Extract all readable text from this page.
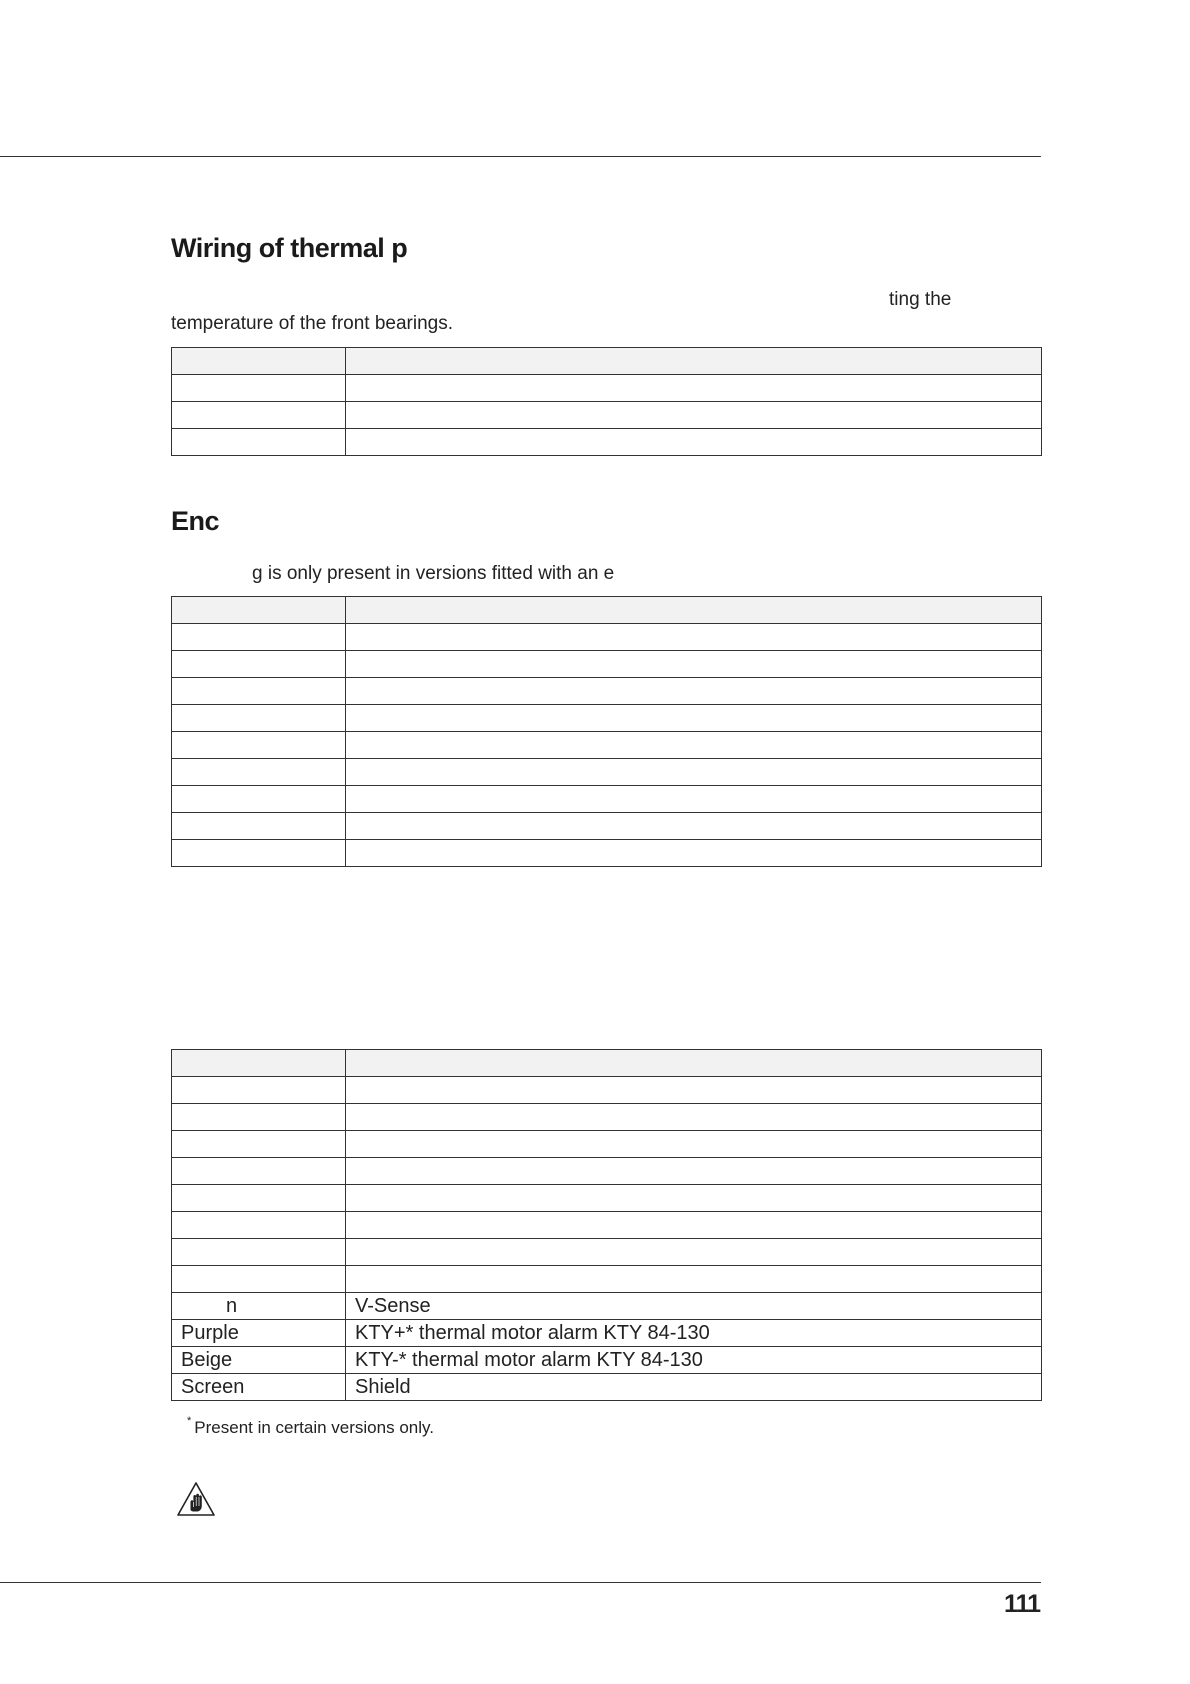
Wiring of thermal p

ting the

temperature of the front bearings.

Enc

g is only present in versions fitted with an e

n	V-Sense
Purple	KTY+* thermal motor alarm KTY 84-130
Beige	KTY-* thermal motor alarm KTY 84-130
Screen	Shield
* Present in certain versions only.
111
